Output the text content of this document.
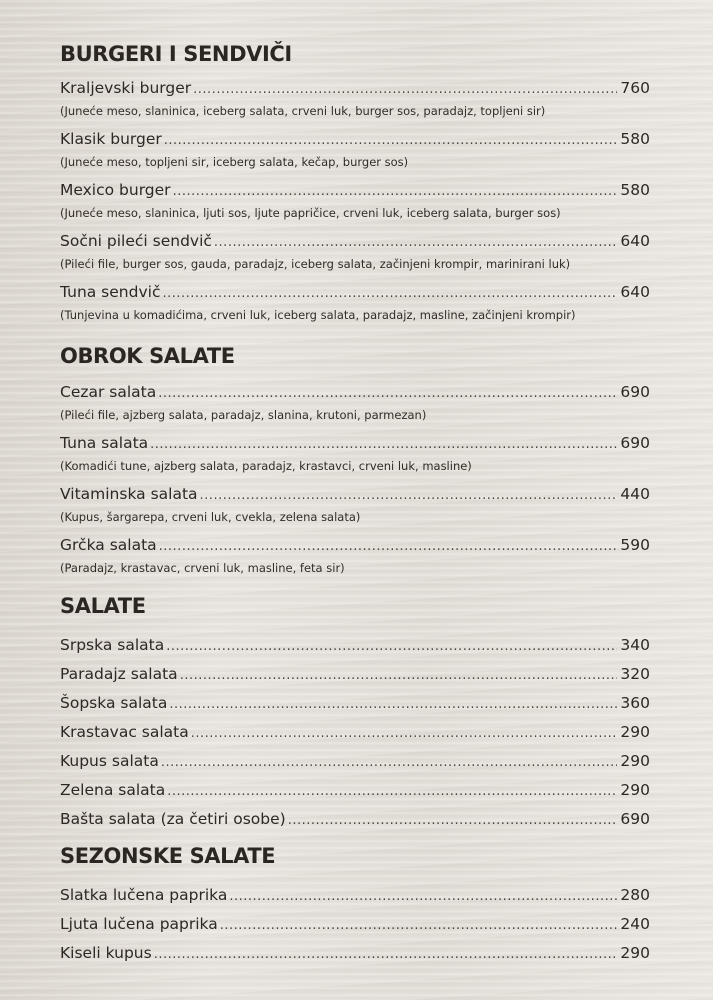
BURGERI I SENDVIČI
Kraljevski burger .....	760
(Juneće meso, slaninica, iceberg salata, crveni luk, burger sos, paradajz, topljeni sir)
Klasik burger .....	580
(Juneće meso, topljeni sir, iceberg salata, kečap, burger sos)
Mexico burger .....	580
(Juneće meso, slaninica, ljuti sos, ljute papričice, crveni luk, iceberg salata, burger sos)
Sočni pileći sendvič .....	640
(Pileći file, burger sos, gauda, paradajz, iceberg salata, začinjeni krompir, marinirani luk)
Tuna sendvič .....	640
(Tunjevina u komadićima, crveni luk, iceberg salata, paradajz, masline, začinjeni krompir)
OBROK SALATE
Cezar salata .....	690
(Pileći file, ajzberg salata, paradajz, slanina, krutoni, parmezan)
Tuna salata .....	690
(Komadići tune, ajzberg salata, paradajz, krastavci, crveni luk, masline)
Vitaminska salata .....	440
(Kupus, šargarepa, crveni luk, cvekla, zelena salata)
Grčka salata .....	590
(Paradajz, krastavac, crveni luk, masline, feta sir)
SALATE
Srpska salata .....	340
Paradajz salata .....	320
Šopska salata .....	360
Krastavac salata .....	290
Kupus salata .....	290
Zelena salata .....	290
Bašta salata (za četiri osobe) .....	690
SEZONSKE SALATE
Slatka lučena paprika .....	280
Ljuta lučena paprika .....	240
Kiseli kupus .....	290
